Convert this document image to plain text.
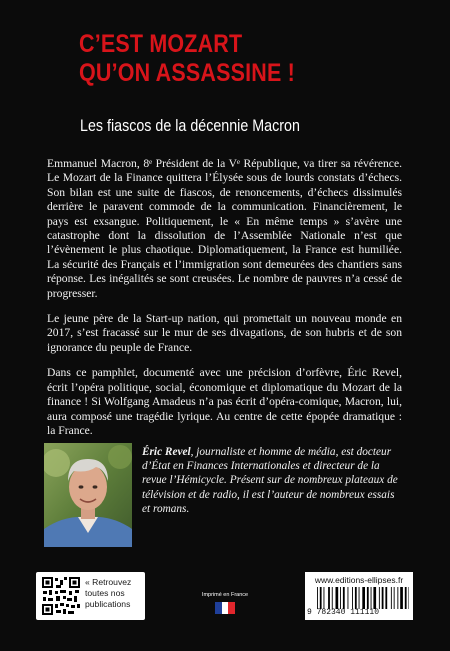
C’EST MOZART
QU’ON ASSASSINE !
Les fiascos de la décennie Macron

Emmanuel Macron, 8ᵉ Président de la Vᵉ République, va tirer sa révérence. Le Mozart de la Finance quittera l’Élysée sous de lourds constats d’échecs. Son bilan est une suite de fiascos, de renoncements, d’échecs dissimulés derrière le paravent commode de la communication. Financièrement, le pays est exsangue. Politiquement, le « En même temps » s’avère une catastrophe dont la dissolution de l’Assemblée Nationale n’est que l’évènement le plus chaotique. Diplomatiquement, la France est humiliée. La sécurité des Français et l’immigration sont demeurées des chantiers sans réponse. Les inégalités se sont creusées. Le nombre de pauvres n’a cessé de progresser.

Le jeune père de la Start-up nation, qui promettait un nouveau monde en 2017, s’est fracassé sur le mur de ses divagations, de son hubris et de son ignorance du peuple de France.

Dans ce pamphlet, documenté avec une précision d’orfèvre, Éric Revel, écrit l’opéra politique, social, économique et diplomatique du Mozart de la finance ! Si Wolfgang Amadeus n’a pas écrit d’opéra-comique, Macron, lui, aura composé une tragédie lyrique. Au centre de cette épopée dramatique : la France.

Éric Revel, journaliste et homme de média, est docteur d’État en Finances Internationales et directeur de la revue l’Hémicycle. Présent sur de nombreux plateaux de télévision et de radio, il est l’auteur de nombreux essais et romans.
« Retrouvez toutes nos publications
Imprimé en France
www.editions-ellipses.fr
9 782340 111110
